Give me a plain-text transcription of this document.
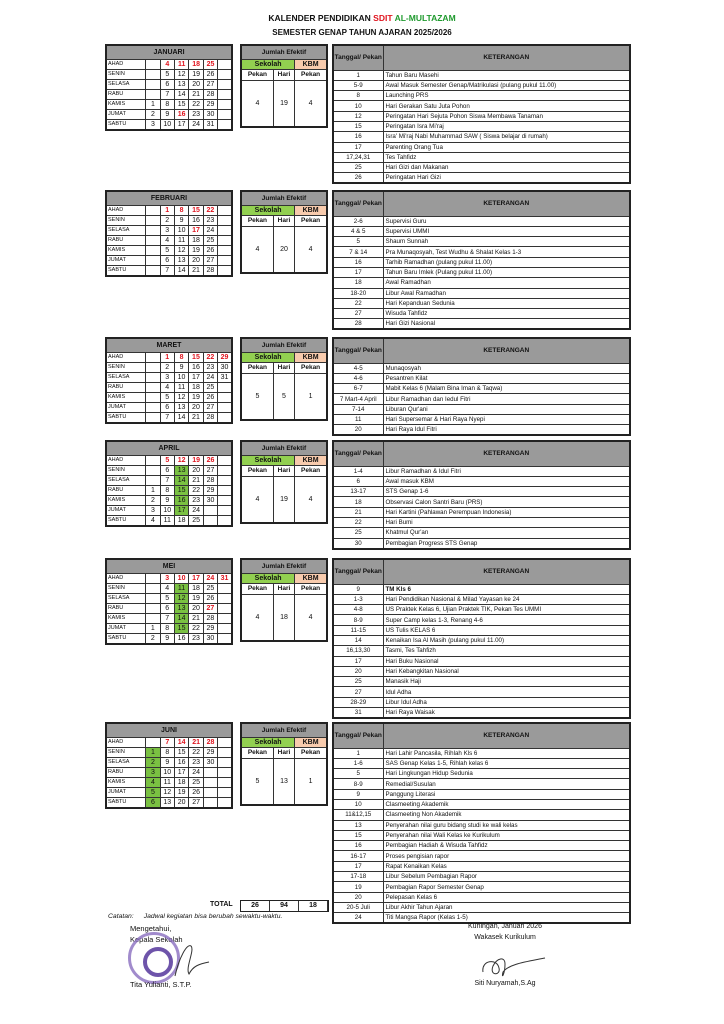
KALENDER PENDIDIKAN SDIT AL-MULTAZAM
SEMESTER GENAP TAHUN AJARAN 2025/2026
JANUARI						
AHAD		4	11	18	25	
SENIN		5	12	19	26	
SELASA		6	13	20	27	
RABU		7	14	21	28	
KAMIS	1	8	15	22	29	
JUMAT	2	9	16	23	30	
SABTU	3	10	17	24	31	
Jumlah Efektif		
Sekolah		KBM
Pekan	Hari	Pekan
4	19	4
Tanggal/ Pekan	KETERANGAN
1	Tahun Baru Masehi
5-9	Awal Masuk Semester Genap/Matrikulasi (pulang pukul 11.00)
8	Launching PRS
10	Hari Gerakan Satu Juta Pohon
12	Peringatan Hari Sejuta Pohon Siswa Membawa Tanaman
15	Peringatan Isra Mi'raj
16	Isra' Mi'raj Nabi Muhammad SAW ( Siswa belajar di rumah)
17	Parenting Orang Tua
17,24,31	Tes Tahfidz
25	Hari Gizi dan Makanan
26	Peringatan Hari Gizi
FEBRUARI						
AHAD		1	8	15	22	
SENIN		2	9	16	23	
SELASA		3	10	17	24	
RABU		4	11	18	25	
KAMIS		5	12	19	26	
JUMAT		6	13	20	27	
SABTU		7	14	21	28	
Jumlah Efektif		
Sekolah		KBM
Pekan	Hari	Pekan
4	20	4
Tanggal/ Pekan	KETERANGAN
2-6	Supervisi Guru
4 & 5	Supervisi UMMI
5	Shaum Sunnah
7 & 14	Pra Munaqosyah, Test Wudhu & Shalat Kelas 1-3
16	Tarhib Ramadhan (pulang pukul 11.00)
17	Tahun Baru Imlek (Pulang pukul 11.00)
18	Awal Ramadhan
18-20	Libur Awal Ramadhan
22	Hari Kepanduan Sedunia
27	Wisuda Tahfidz
28	Hari Gizi Nasional
MARET						
AHAD		1	8	15	22	29
SENIN		2	9	16	23	30
SELASA		3	10	17	24	31
RABU		4	11	18	25	
KAMIS		5	12	19	26	
JUMAT		6	13	20	27	
SABTU		7	14	21	28	
Jumlah Efektif		
Sekolah		KBM
Pekan	Hari	Pekan
5	5	1
Tanggal/ Pekan	KETERANGAN
4-5	Munaqosyah
4-6	Pesantren Kilat
6-7	Mabit Kelas 6 (Malam Bina Iman & Taqwa)
7 Mart-4 April	Libur Ramadhan dan Iedul Fitri
7-14	Liburan Qur'ani
11	Hari Supersemar & Hari Raya Nyepi
20	Hari Raya Idul Fitri
APRIL						
AHAD		5	12	19	26	
SENIN		6	13	20	27	
SELASA		7	14	21	28	
RABU	1	8	15	22	29	
KAMIS	2	9	16	23	30	
JUMAT	3	10	17	24		
SABTU	4	11	18	25		
Jumlah Efektif		
Sekolah		KBM
Pekan	Hari	Pekan
4	19	4
Tanggal/ Pekan	KETERANGAN
1-4	Libur Ramadhan & Idul Fitri
6	Awal masuk KBM
13-17	STS Genap 1-6
18	Observasi Calon Santri Baru (PRS)
21	Hari Kartini (Pahlawan Perempuan Indonesia)
22	Hari Bumi
25	Khatmul Qur'an
30	Pembagian Progress STS Genap
MEI						
AHAD		3	10	17	24	31
SENIN		4	11	18	25	
SELASA		5	12	19	26	
RABU		6	13	20	27	
KAMIS		7	14	21	28	
JUMAT	1	8	15	22	29	
SABTU	2	9	16	23	30	
Jumlah Efektif		
Sekolah		KBM
Pekan	Hari	Pekan
4	18	4
Tanggal/ Pekan	KETERANGAN
9	TM Kls 6
1-3	Hari Pendidikan Nasional & Milad Yayasan ke 24
4-8	US Praktek Kelas 6, Ujian Praktek TIK, Pekan Tes UMMI
8-9	Super Camp kelas 1-3, Renang 4-6
11-15	US Tulis KELAS 6
14	Kenaikan Isa Al Masih (pulang pukul 11.00)
16,13,30	Tasmi, Tes Tahfizh
17	Hari Buku Nasional
20	Hari Kebangkitan Nasional
25	Manasik Haji
27	Idul Adha
28-29	Libur Idul Adha
31	Hari Raya Waisak
JUNI						
AHAD		7	14	21	28	
SENIN	1	8	15	22	29	
SELASA	2	9	16	23	30	
RABU	3	10	17	24		
KAMIS	4	11	18	25		
JUMAT	5	12	19	26		
SABTU	6	13	20	27		
Jumlah Efektif		
Sekolah		KBM
Pekan	Hari	Pekan
5	13	1
Tanggal/ Pekan	KETERANGAN
1	Hari Lahir Pancasila, Rihlah Kls 6
1-6	SAS Genap Kelas 1-5, Rihlah kelas 6
5	Hari Lingkungan Hidup Sedunia
8-9	Remedial/Susulan
9	Panggung Literasi
10	Clasmeeting Akademik
11&12,15	Clasmeeting Non Akademik
13	Penyerahan nilai guru bidang studi ke wali kelas
15	Penyerahan nilai Wali Kelas ke Kurikulum
16	Pembagian Hadiah & Wisuda Tahfidz
16-17	Proses pengisian rapor
17	Rapat Kenaikan Kelas
17-18	Libur Sebelum Pembagian Rapor
19	Pembagian Rapor Semester Genap
20	Pelepasan Kelas 6
20-5 Juli	Libur Akhir Tahun Ajaran
24	Titi Mangsa Rapor (Kelas 1-5)
TOTAL	26	94	18
Catatan: Jadwal kegiatan bisa berubah sewaktu-waktu.
Mengetahui,
Kepala Sekolah
Tita Yulianti, S.T.P.
Kuningan, Januari 2026
Wakasek Kurikulum
Siti Nuryamah,S.Ag
